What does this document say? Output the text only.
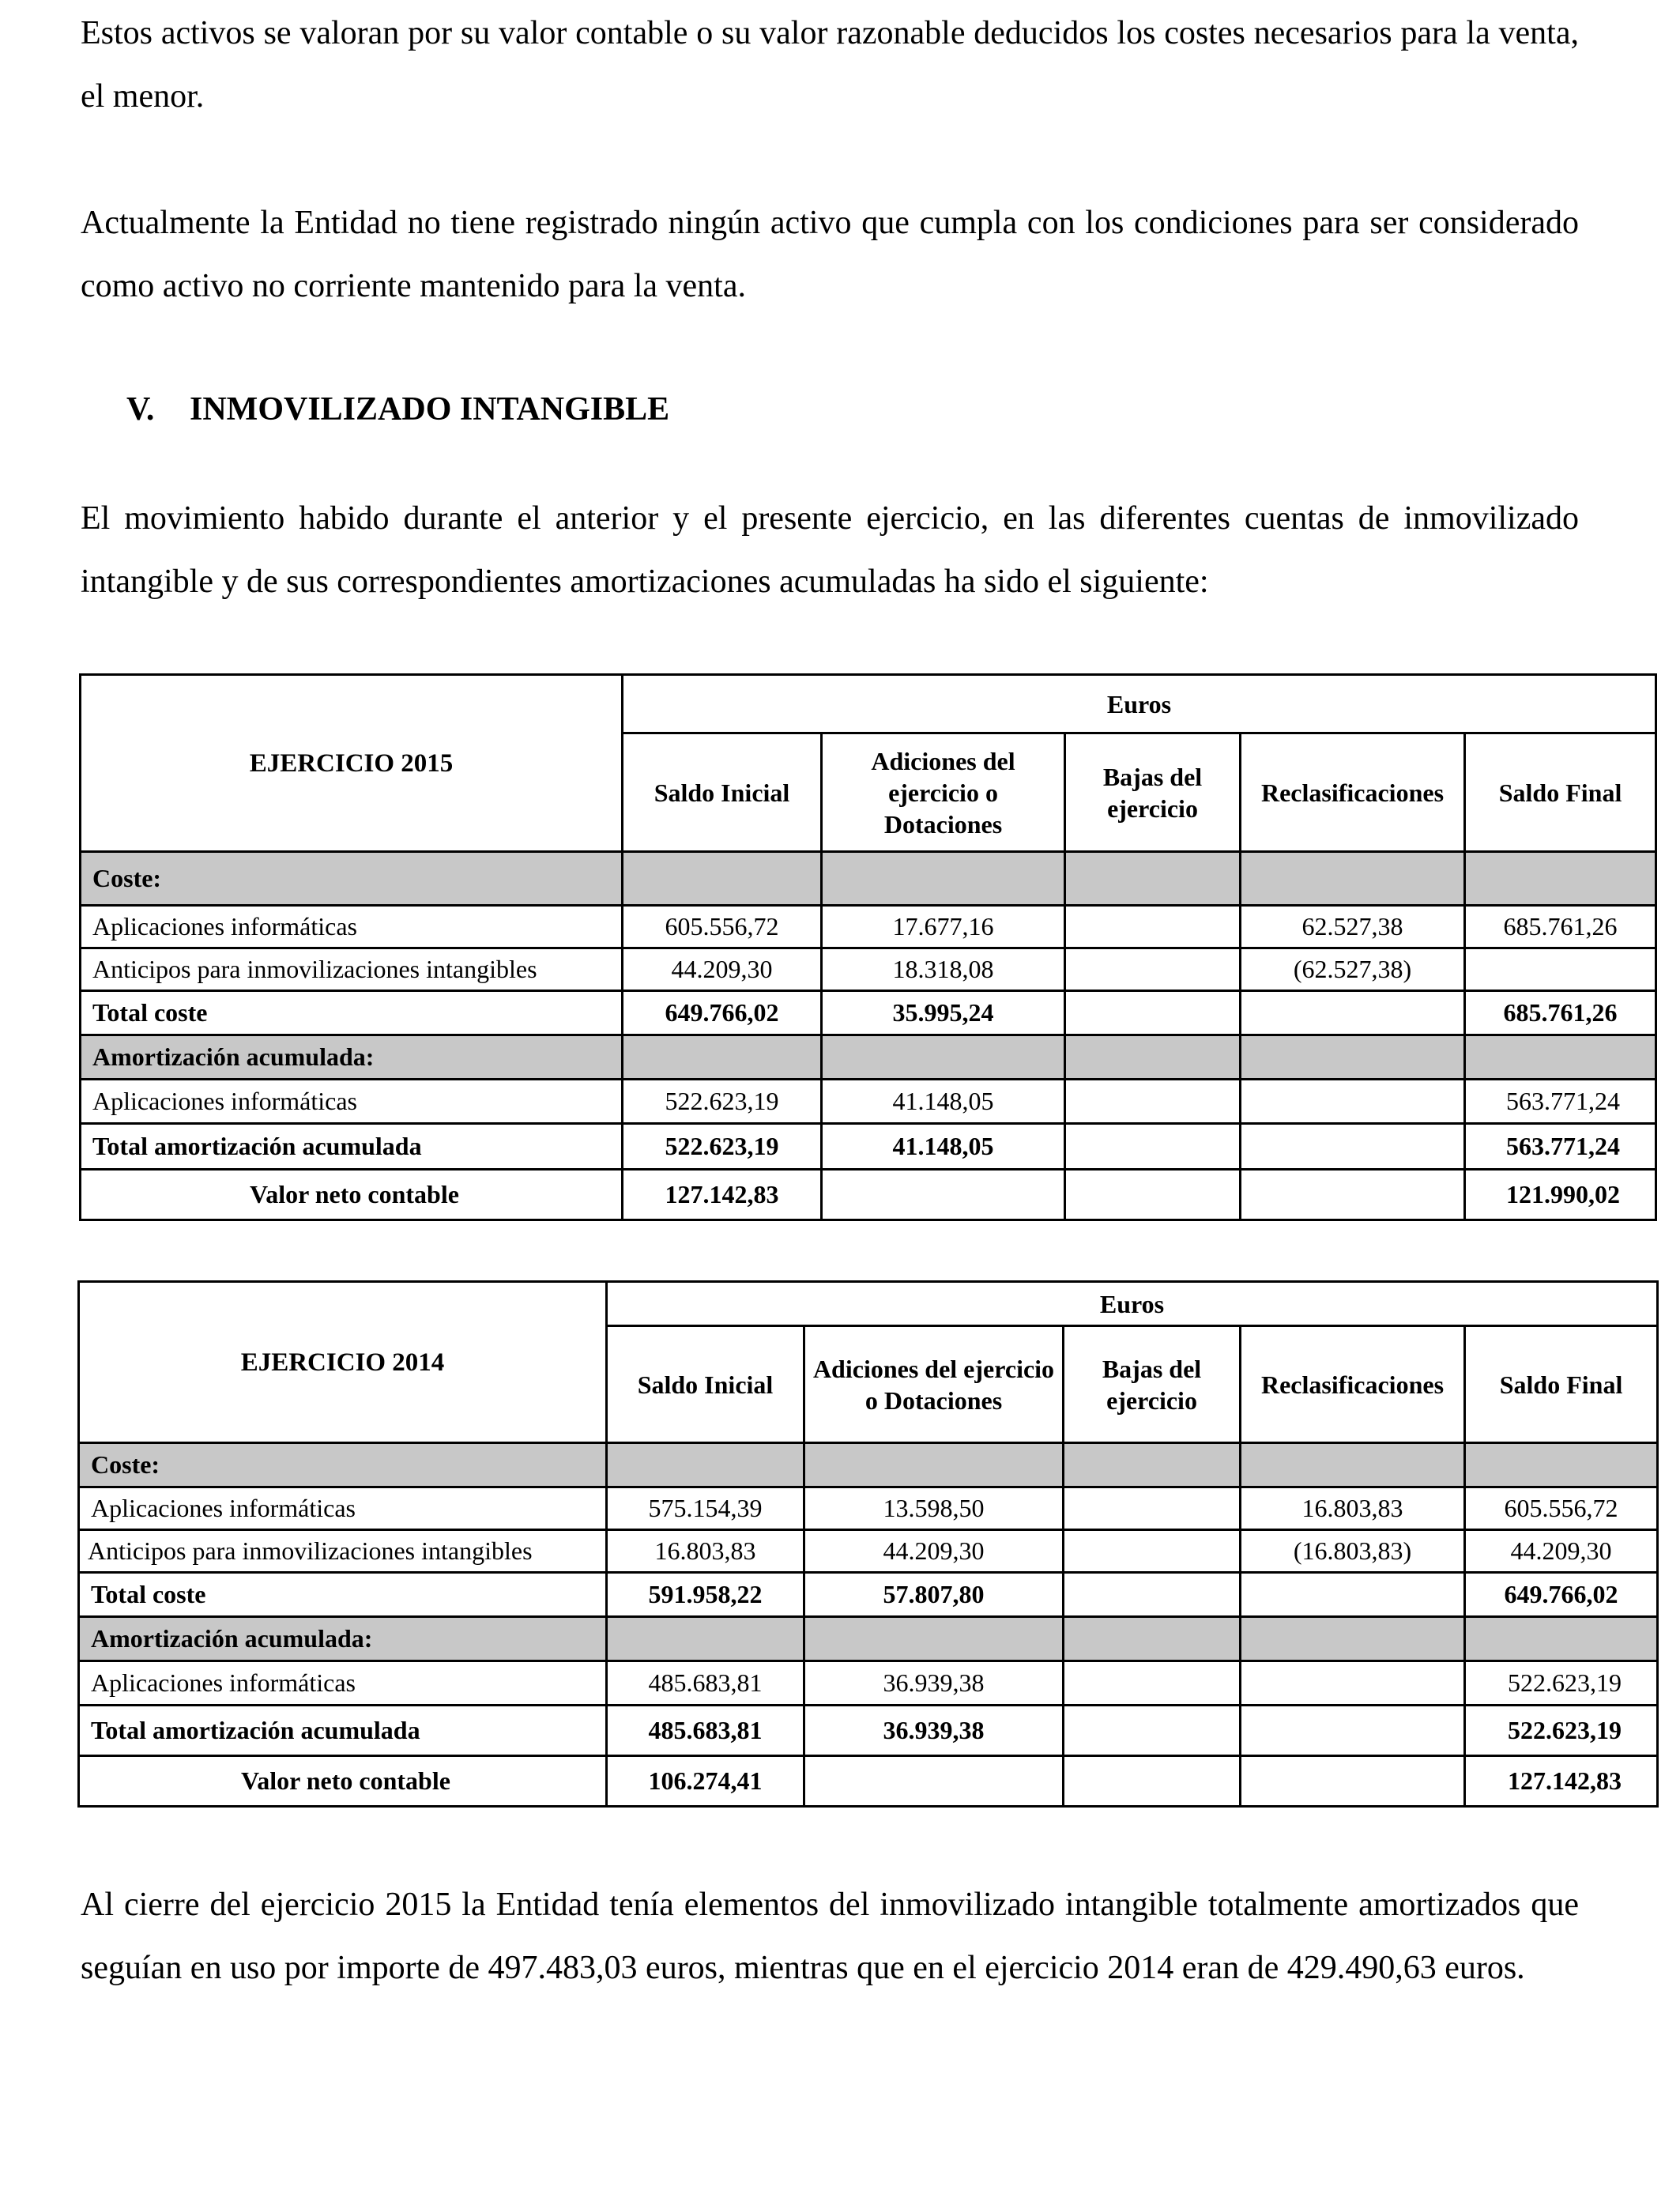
Estos activos se valoran por su valor contable o su valor razonable deducidos los costes necesarios para la venta, el menor.

Actualmente la Entidad no tiene registrado ningún activo que cumpla con los condiciones para ser considerado como activo no corriente mantenido para la venta.

V. INMOVILIZADO INTANGIBLE

El movimiento habido durante el anterior y el presente ejercicio, en las diferentes cuentas de inmovilizado intangible y de sus correspondientes amortizaciones acumuladas ha sido el siguiente:

EJERCICIO 2015	Euros				
	Saldo Inicial	Adiciones del ejercicio o Dotaciones	Bajas del ejercicio	Reclasificaciones	Saldo Final
Coste:					
Aplicaciones informáticas	605.556,72	17.677,16		62.527,38	685.761,26
Anticipos para inmovilizaciones intangibles	44.209,30	18.318,08		(62.527,38)	
Total coste	649.766,02	35.995,24			685.761,26
Amortización acumulada:					
Aplicaciones informáticas	522.623,19	41.148,05			563.771,24
Total amortización acumulada	522.623,19	41.148,05			563.771,24
Valor neto contable	127.142,83				121.990,02
EJERCICIO 2014	Euros				
	Saldo Inicial	Adiciones del ejercicio o Dotaciones	Bajas del ejercicio	Reclasificaciones	Saldo Final
Coste:					
Aplicaciones informáticas	575.154,39	13.598,50		16.803,83	605.556,72
Anticipos para inmovilizaciones intangibles	16.803,83	44.209,30		(16.803,83)	44.209,30
Total coste	591.958,22	57.807,80			649.766,02
Amortización acumulada:					
Aplicaciones informáticas	485.683,81	36.939,38			522.623,19
Total amortización acumulada	485.683,81	36.939,38			522.623,19
Valor neto contable	106.274,41				127.142,83

Al cierre del ejercicio 2015 la Entidad tenía elementos del inmovilizado intangible totalmente amortizados que seguían en uso por importe de 497.483,03 euros, mientras que en el ejercicio 2014 eran de 429.490,63 euros.
